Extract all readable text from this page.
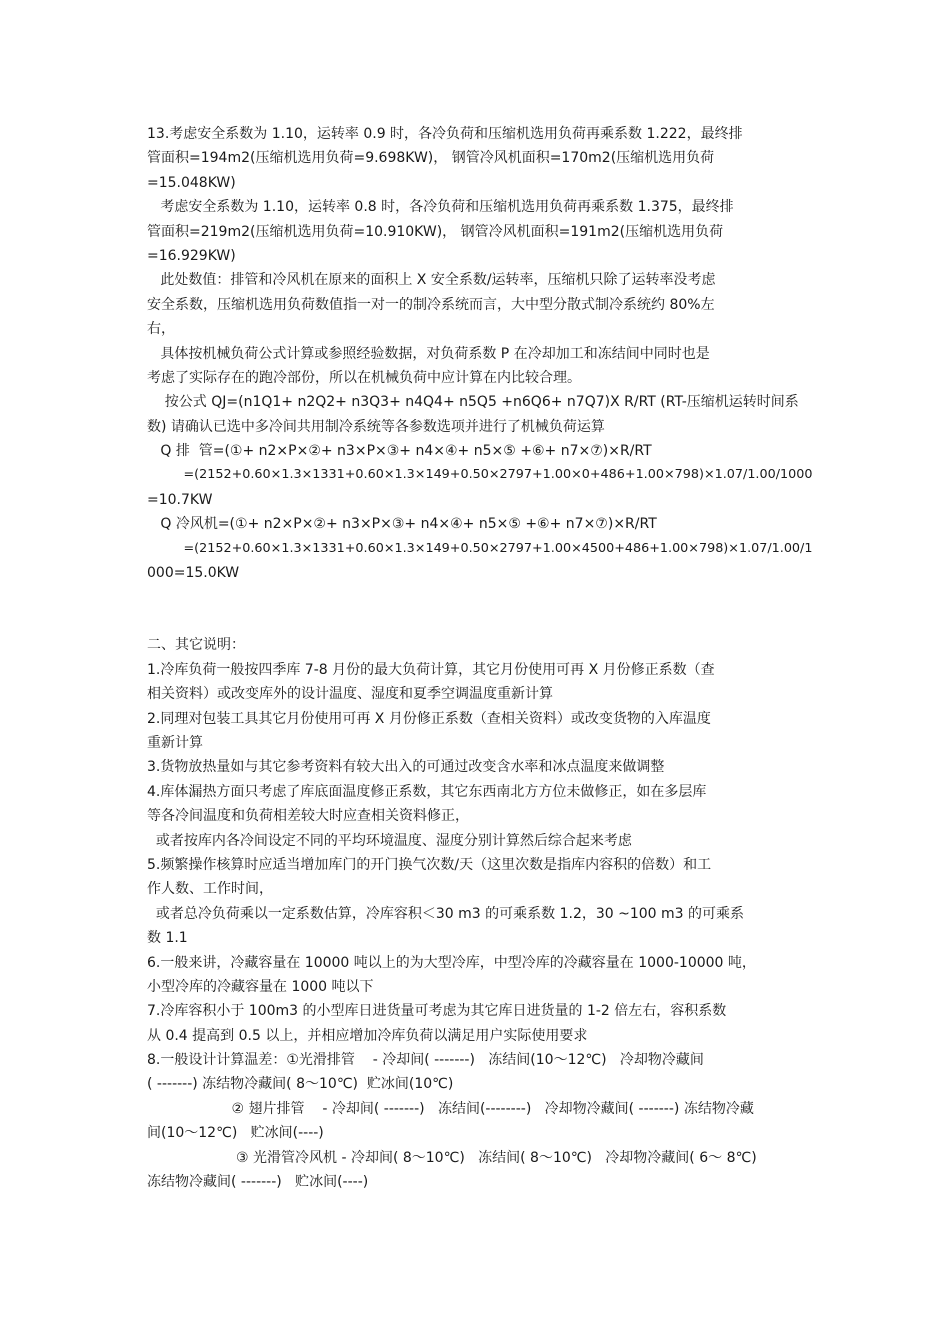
13.考虑安全系数为 1.10，运转率 0.9 时，各冷负荷和压缩机选用负荷再乘系数 1.222，最终排
管面积=194m2(压缩机选用负荷=9.698KW)， 钢管冷风机面积=170m2(压缩机选用负荷
=15.048KW)
考虑安全系数为 1.10，运转率 0.8 时，各冷负荷和压缩机选用负荷再乘系数 1.375，最终排
管面积=219m2(压缩机选用负荷=10.910KW)， 钢管冷风机面积=191m2(压缩机选用负荷
=16.929KW)
此处数值：排管和冷风机在原来的面积上 X 安全系数/运转率，压缩机只除了运转率没考虑
安全系数，压缩机选用负荷数值指一对一的制冷系统而言，大中型分散式制冷系统约 80%左
右，
具体按机械负荷公式计算或参照经验数据，对负荷系数 P 在冷却加工和冻结间中同时也是
考虑了实际存在的跑冷部份，所以在机械负荷中应计算在内比较合理。
按公式 QJ=(n1Q1+ n2Q2+ n3Q3+ n4Q4+ n5Q5 +n6Q6+ n7Q7)X R/RT (RT-压缩机运转时间系
数) 请确认已选中多冷间共用制冷系统等各参数选项并进行了机械负荷运算
Q 排  管=(①+ n2×P×②+ n3×P×③+ n4×④+ n5×⑤ +⑥+ n7×⑦)×R/RT
=(2152+0.60×1.3×1331+0.60×1.3×149+0.50×2797+1.00×0+486+1.00×798)×1.07/1.00/1000
=10.7KW
Q 冷风机=(①+ n2×P×②+ n3×P×③+ n4×④+ n5×⑤ +⑥+ n7×⑦)×R/RT
=(2152+0.60×1.3×1331+0.60×1.3×149+0.50×2797+1.00×4500+486+1.00×798)×1.07/1.00/1
000=15.0KW
二、其它说明：
1.冷库负荷一般按四季库 7-8 月份的最大负荷计算，其它月份使用可再 X 月份修正系数（查
相关资料）或改变库外的设计温度、湿度和夏季空调温度重新计算
2.同理对包装工具其它月份使用可再 X 月份修正系数（查相关资料）或改变货物的入库温度
重新计算
3.货物放热量如与其它参考资料有较大出入的可通过改变含水率和冰点温度来做调整
4.库体漏热方面只考虑了库底面温度修正系数，其它东西南北方方位未做修正，如在多层库
等各冷间温度和负荷相差较大时应查相关资料修正，
或者按库内各冷间设定不同的平均环境温度、湿度分别计算然后综合起来考虑
5.频繁操作核算时应适当增加库门的开门换气次数/天（这里次数是指库内容积的倍数）和工
作人数、工作时间，
或者总冷负荷乘以一定系数估算，冷库容积＜30 m3 的可乘系数 1.2，30 ~100 m3 的可乘系
数 1.1
6.一般来讲，冷藏容量在 10000 吨以上的为大型冷库，中型冷库的冷藏容量在 1000-10000 吨，
小型冷库的冷藏容量在 1000 吨以下
7.冷库容积小于 100m3 的小型库日进货量可考虑为其它库日进货量的 1-2 倍左右，容积系数
从 0.4 提高到 0.5 以上，并相应增加冷库负荷以满足用户实际使用要求
8.一般设计计算温差：①光滑排管    - 冷却间( -------)   冻结间(10～12℃)   冷却物冷藏间
( -------) 冻结物冷藏间( 8～10℃)  贮冰间(10℃)
② 翅片排管    - 冷却间( -------)   冻结间(--------)   冷却物冷藏间( -------) 冻结物冷藏
间(10～12℃)   贮冰间(----)
③ 光滑管冷风机 - 冷却间( 8～10℃)   冻结间( 8～10℃)   冷却物冷藏间( 6～ 8℃)
冻结物冷藏间( -------)   贮冰间(----)
